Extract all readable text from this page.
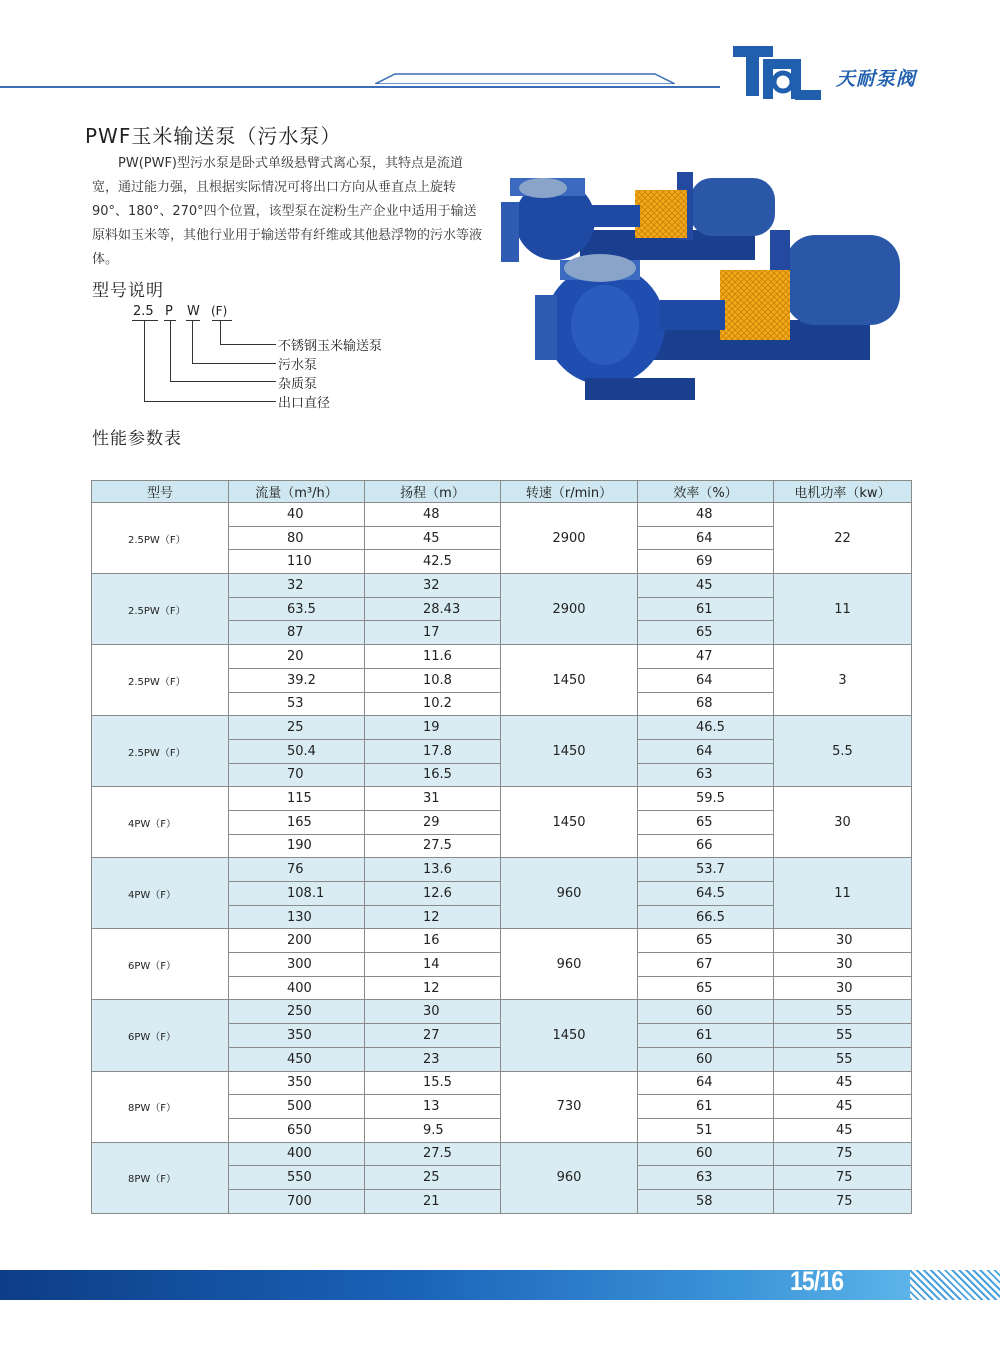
天耐泵阀
PWF玉米输送泵（污水泵）

PW(PWF)型污水泵是卧式单级悬臂式离心泵，其特点是流道宽，通过能力强，且根据实际情况可将出口方向从垂直点上旋转90°、180°、270°四个位置，该型泵在淀粉生产企业中适用于输送原料如玉米等，其他行业用于输送带有纤维或其他悬浮物的污水等液体。

型号说明
2.5 P W (F)
不锈钢玉米输送泵
污水泵
杂质泵
出口直径
性能参数表
型号	流量（m³/h）	扬程（m）	转速（r/min）	效率（%）	电机功率（kw）
2.5PW（F）	40	48	2900	48	22
	80	45		64	
	110	42.5		69	
2.5PW（F）	32	32	2900	45	11
	63.5	28.43		61	
	87	17		65	
2.5PW（F）	20	11.6	1450	47	3
	39.2	10.8		64	
	53	10.2		68	
2.5PW（F）	25	19	1450	46.5	5.5
	50.4	17.8		64	
	70	16.5		63	
4PW（F）	115	31	1450	59.5	30
	165	29		65	
	190	27.5		66	
4PW（F）	76	13.6	960	53.7	11
	108.1	12.6		64.5	
	130	12		66.5	
6PW（F）	200	16	960	65	30
	300	14		67	30
	400	12		65	30
6PW（F）	250	30	1450	60	55
	350	27		61	55
	450	23		60	55
8PW（F）	350	15.5	730	64	45
	500	13		61	45
	650	9.5		51	45
8PW（F）	400	27.5	960	60	75
	550	25		63	75
	700	21		58	75
15/16
